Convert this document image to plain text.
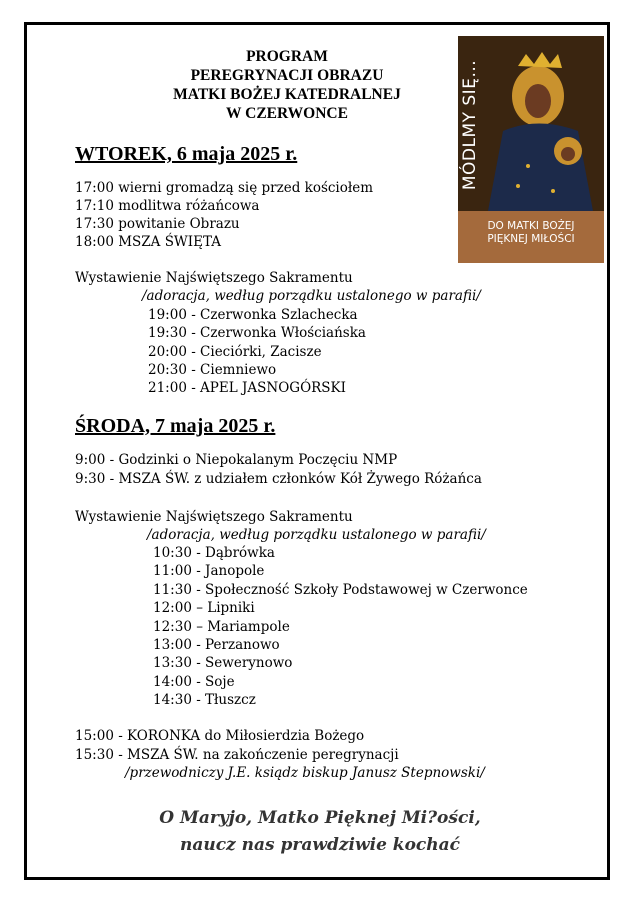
PROGRAM
PEREGRYNACJI OBRAZU
MATKI BOŻEJ KATEDRALNEJ
W CZERWONCE	MÓDLMY SIĘ...
DO MATKI BOŻEJ
PIĘKNEJ MIŁOŚCI
WTOREK, 6 maja 2025 r.
17:00 wierni gromadzą się przed kościołem
17:10 modlitwa różańcowa
17:30 powitanie Obrazu
18:00 MSZA ŚWIĘTA
Wystawienie Najświętszego Sakramentu
/adoracja, według porządku ustalonego w parafii/
19:00 - Czerwonka Szlachecka
19:30 - Czerwonka Włościańska
20:00 - Cieciórki, Zacisze
20:30 - Ciemniewo
21:00 - APEL JASNOGÓRSKI
ŚRODA, 7 maja 2025 r.
9:00 - Godzinki o Niepokalanym Poczęciu NMP
9:30 - MSZA ŚW. z udziałem członków Kół Żywego Różańca
Wystawienie Najświętszego Sakramentu
/adoracja, według porządku ustalonego w parafii/
10:30 - Dąbrówka
11:00 - Janopole
11:30 - Społeczność Szkoły Podstawowej w Czerwonce
12:00 – Lipniki
12:30 – Mariampole
13:00 - Perzanowo
13:30 - Sewerynowo
14:00 - Soje
14:30 - Tłuszcz
15:00 - KORONKA do Miłosierdzia Bożego
15:30 - MSZA ŚW. na zakończenie peregrynacji
/przewodniczy J.E. ksiądz biskup Janusz Stepnowski/
O Maryjo, Matko Pięknej Mi?ości,
naucz nas prawdziwie kochać
